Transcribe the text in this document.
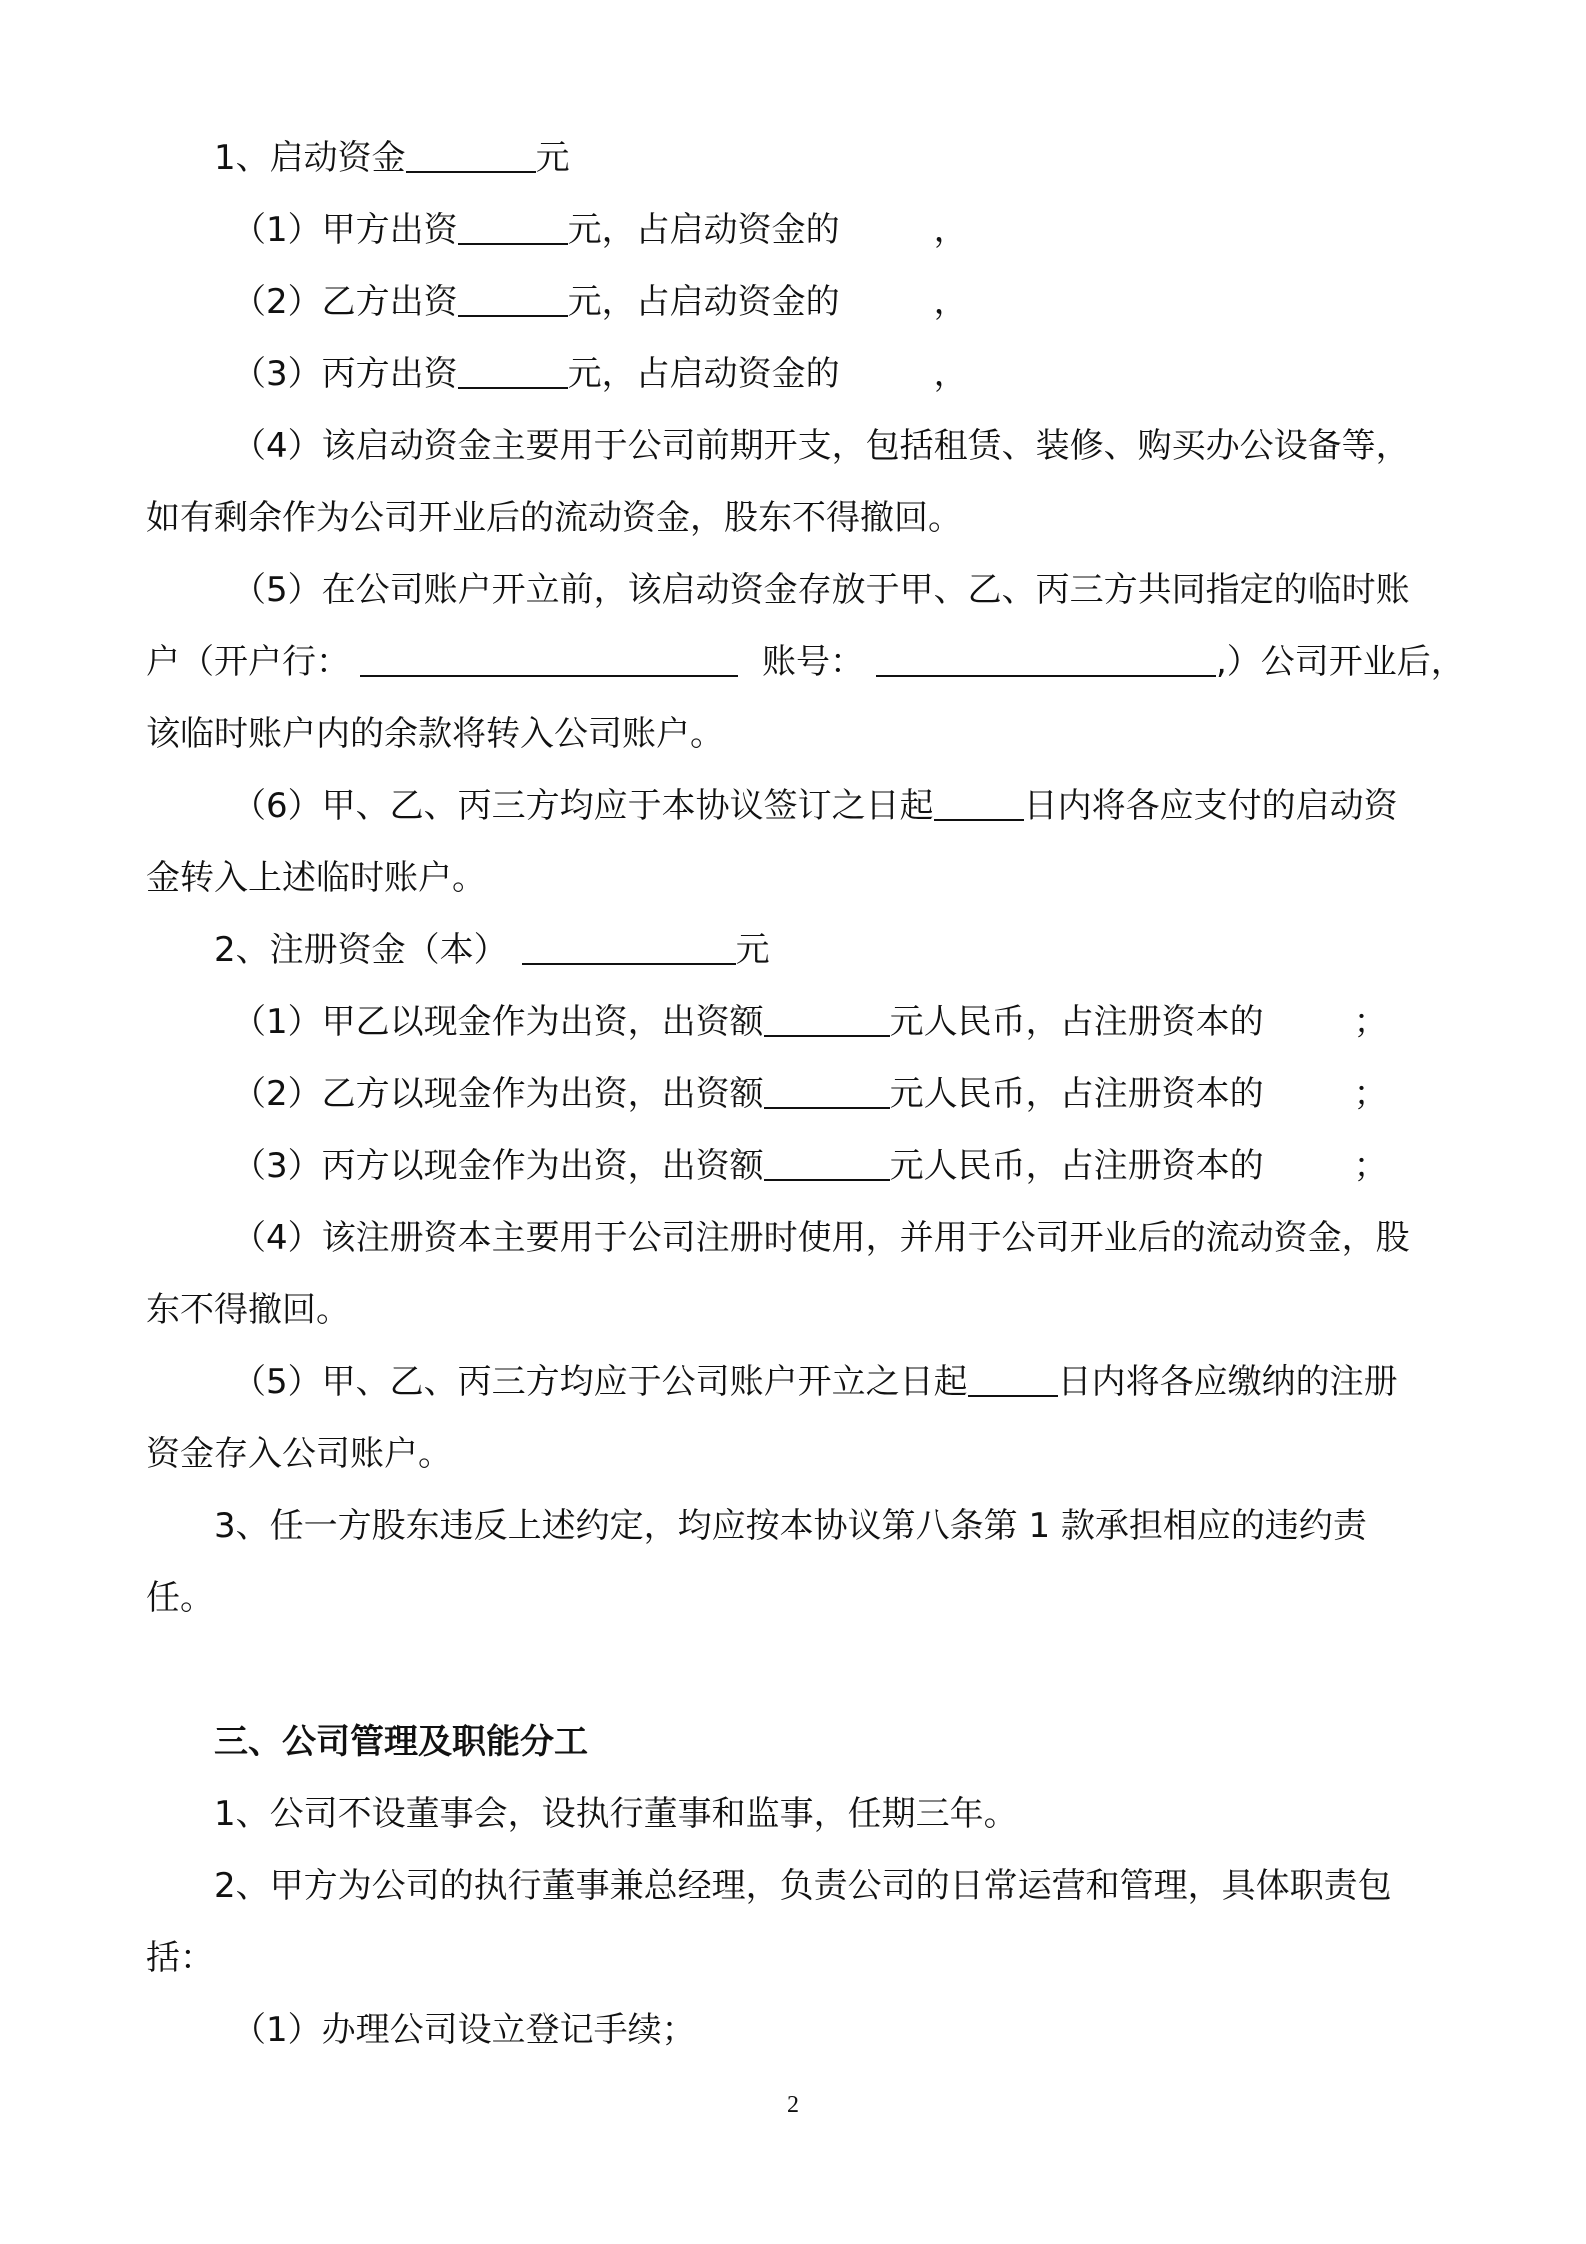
1、启动资金	元
（1）甲方出资	元，占启动资金的	，
（2）乙方出资	元，占启动资金的	，
（3）丙方出资	元，占启动资金的	，
（4）该启动资金主要用于公司前期开支，包括租赁、装修、购买办公设备等，
如有剩余作为公司开业后的流动资金，股东不得撤回。
（5）在公司账户开立前，该启动资金存放于甲、乙、丙三方共同指定的临时账
户（开户行：	账号：	,）公司开业后，
该临时账户内的余款将转入公司账户。
（6）甲、乙、丙三方均应于本协议签订之日起	日内将各应支付的启动资
金转入上述临时账户。
2、注册资金（本）	元
（1）甲乙以现金作为出资，出资额	元人民币，占注册资本的	；
（2）乙方以现金作为出资，出资额	元人民币，占注册资本的	；
（3）丙方以现金作为出资，出资额	元人民币，占注册资本的	；
（4）该注册资本主要用于公司注册时使用，并用于公司开业后的流动资金，股
东不得撤回。
（5）甲、乙、丙三方均应于公司账户开立之日起	日内将各应缴纳的注册
资金存入公司账户。
3、任一方股东违反上述约定，均应按本协议第八条第 1 款承担相应的违约责
任。
三、公司管理及职能分工
1、公司不设董事会，设执行董事和监事，任期三年。
2、甲方为公司的执行董事兼总经理，负责公司的日常运营和管理，具体职责包
括：
（1）办理公司设立登记手续；
2
